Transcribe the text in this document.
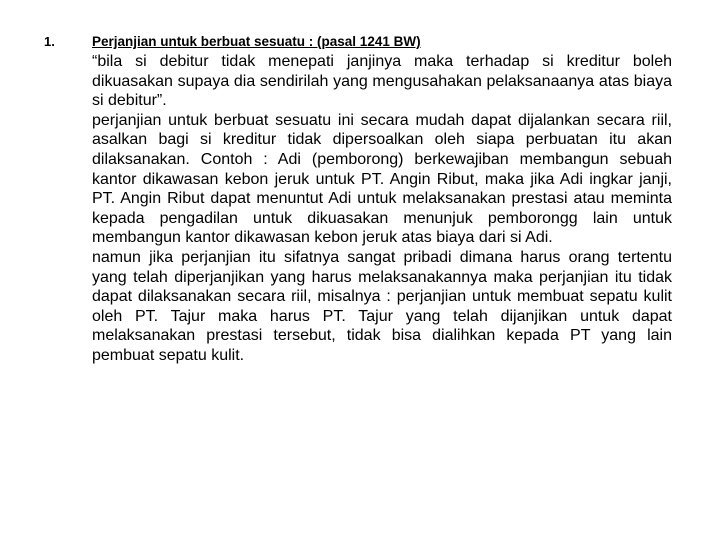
1.	Perjanjian untuk berbuat sesuatu : (pasal 1241 BW)

“bila si debitur tidak menepati janjinya maka terhadap si kreditur boleh dikuasakan supaya dia sendirilah yang mengusahakan pelaksanaanya atas biaya si debitur”.

perjanjian untuk berbuat sesuatu ini secara mudah dapat dijalankan secara riil, asalkan bagi si kreditur tidak dipersoalkan oleh siapa perbuatan itu akan dilaksanakan. Contoh : Adi (pemborong) berkewajiban membangun sebuah kantor dikawasan kebon jeruk untuk PT. Angin Ribut, maka jika Adi ingkar janji, PT. Angin Ribut dapat menuntut Adi untuk melaksanakan prestasi atau meminta kepada pengadilan untuk dikuasakan menunjuk pemborongg lain untuk membangun kantor dikawasan kebon jeruk atas biaya dari si Adi.

namun jika perjanjian itu sifatnya sangat pribadi dimana harus orang tertentu yang telah diperjanjikan yang harus melaksanakannya maka perjanjian itu tidak dapat dilaksanakan secara riil, misalnya : perjanjian untuk membuat sepatu kulit oleh PT. Tajur maka harus PT. Tajur yang telah dijanjikan untuk dapat melaksanakan prestasi tersebut, tidak bisa dialihkan kepada PT yang lain pembuat sepatu kulit.
